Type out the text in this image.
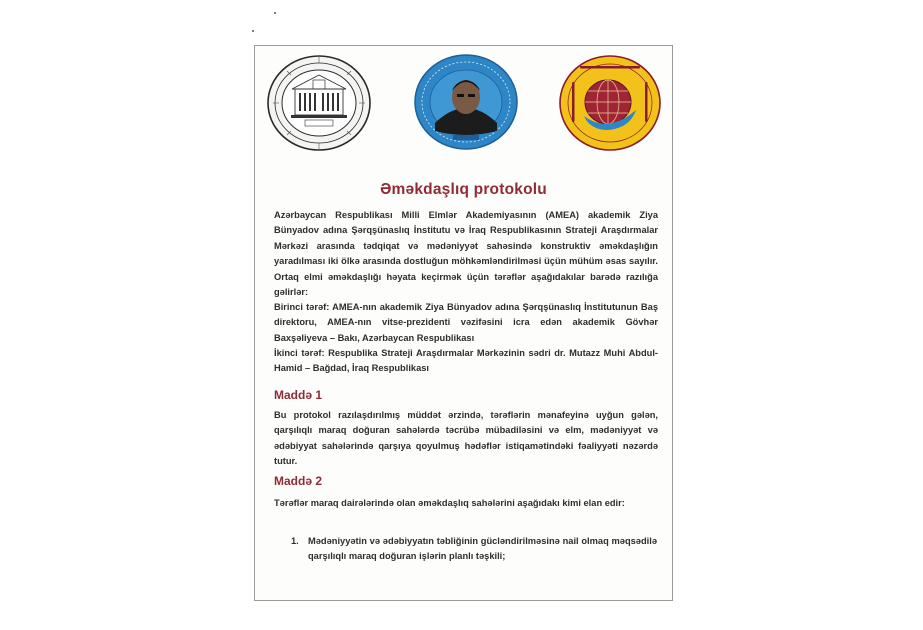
Əməkdaşlıq protokolu

Azərbaycan Respublikası Milli Elmlər Akademiyasının (AMEA) akademik Ziya Bünyadov adına Şərqşünaslıq İnstitutu və İraq Respublikasının Strateji Araşdırmalar Mərkəzi arasında tədqiqat və mədəniyyət sahəsində konstruktiv əməkdaşlığın yaradılması iki ölkə arasında dostluğun möhkəmləndirilməsi üçün mühüm əsas sayılır. Ortaq elmi əməkdaşlığı həyata keçirmək üçün tərəflər aşağıdakılar barədə razılığa gəlirlər:

Birinci tərəf: AMEA-nın akademik Ziya Bünyadov adına Şərqşünaslıq İnstitutunun Baş direktoru, AMEA-nın vitse-prezidenti vəzifəsini icra edən akademik Gövhər Baxşəliyeva – Bakı, Azərbaycan Respublikası

İkinci tərəf: Respublika Strateji Araşdırmalar Mərkəzinin sədri dr. Mutazz Muhi Abdul-Hamid – Bağdad, İraq Respublikası

Maddə 1

Bu protokol razılaşdırılmış müddət ərzində, tərəflərin mənafeyinə uyğun gələn, qarşılıqlı maraq doğuran sahələrdə təcrübə mübadiləsini və elm, mədəniyyət və ədəbiyyat sahələrində qarşıya qoyulmuş hədəflər istiqamətindəki fəaliyyəti nəzərdə tutur.

Maddə 2

Tərəflər maraq dairələrində olan əməkdaşlıq sahələrini aşağıdakı kimi elan edir:

1. Mədəniyyətin və ədəbiyyatın təbliğinin gücləndirilməsinə nail olmaq məqsədilə qarşılıqlı maraq doğuran işlərin planlı təşkili;
